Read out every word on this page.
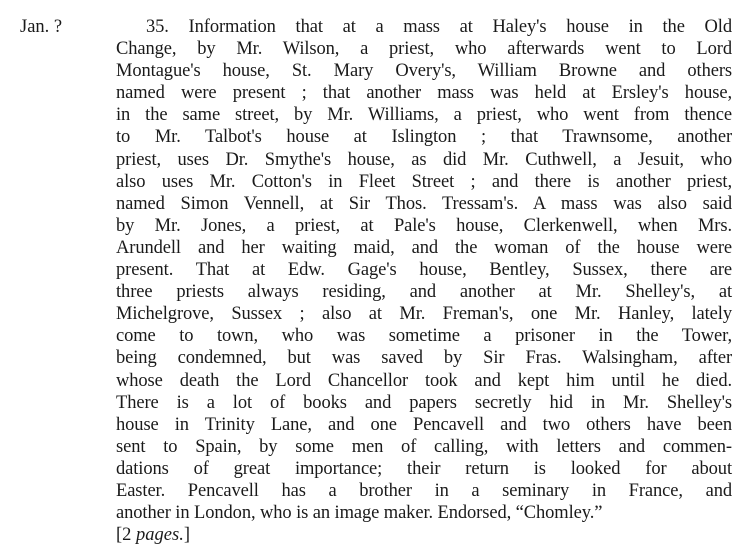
Jan. ?	35. Information that at a mass at Haley's house in the Old
Change, by Mr. Wilson, a priest, who afterwards went to Lord
Montague's house, St. Mary Overy's, William Browne and others
named were present ; that another mass was held at Ersley's house,
in the same street, by Mr. Williams, a priest, who went from thence
to Mr. Talbot's house at Islington ; that Trawnsome, another
priest, uses Dr. Smythe's house, as did Mr. Cuthwell, a Jesuit, who
also uses Mr. Cotton's in Fleet Street ; and there is another priest,
named Simon Vennell, at Sir Thos. Tressam's. A mass was also said
by Mr. Jones, a priest, at Pale's house, Clerkenwell, when Mrs.
Arundell and her waiting maid, and the woman of the house were
present. That at Edw. Gage's house, Bentley, Sussex, there are
three priests always residing, and another at Mr. Shelley's, at
Michelgrove, Sussex ; also at Mr. Freman's, one Mr. Hanley, lately
come to town, who was sometime a prisoner in the Tower,
being condemned, but was saved by Sir Fras. Walsingham, after
whose death the Lord Chancellor took and kept him until he died.
There is a lot of books and papers secretly hid in Mr. Shelley's
house in Trinity Lane, and one Pencavell and two others have been
sent to Spain, by some men of calling, with letters and commen-
dations of great importance; their return is looked for about
Easter. Pencavell has a brother in a seminary in France, and
another in London, who is an image maker. Endorsed, “Chomley.”
[2 pages.]
